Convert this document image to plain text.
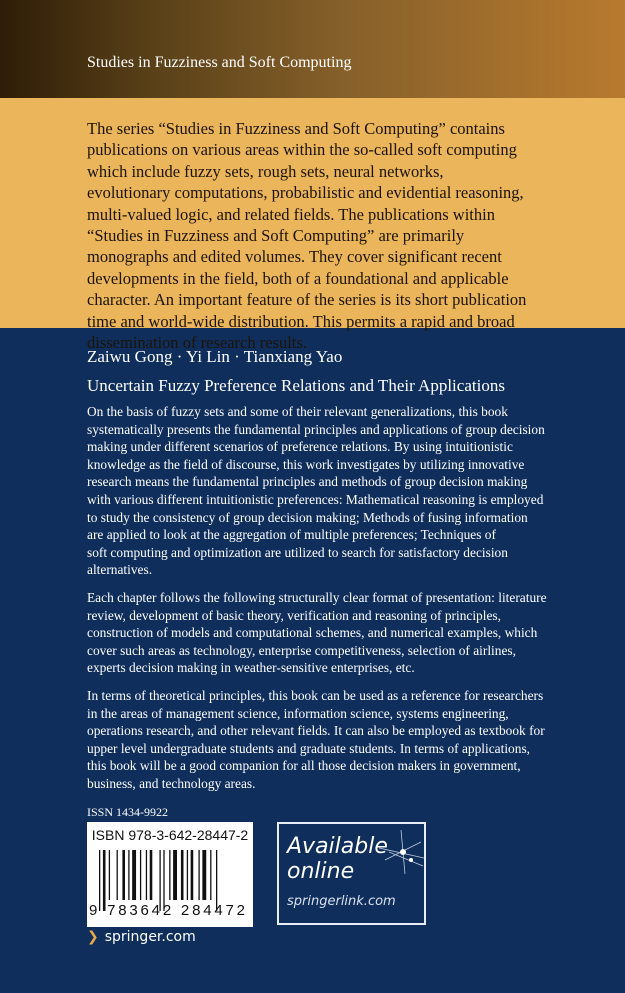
Studies in Fuzziness and Soft Computing
The series “Studies in Fuzziness and Soft Computing” contains
publications on various areas within the so-called soft computing
which include fuzzy sets, rough sets, neural networks,
evolutionary computations, probabilistic and evidential reasoning,
multi-valued logic, and related fields. The publications within
“Studies in Fuzziness and Soft Computing” are primarily
monographs and edited volumes. They cover significant recent
developments in the field, both of a foundational and applicable
character. An important feature of the series is its short publication
time and world-wide distribution. This permits a rapid and broad
dissemination of research results.
Zaiwu Gong · Yi Lin · Tianxiang Yao
Uncertain Fuzzy Preference Relations and Their Applications
On the basis of fuzzy sets and some of their relevant generalizations, this book
systematically presents the fundamental principles and applications of group decision
making under different scenarios of preference relations. By using intuitionistic
knowledge as the field of discourse, this work investigates by utilizing innovative
research means the fundamental principles and methods of group decision making
with various different intuitionistic preferences: Mathematical reasoning is employed
to study the consistency of group decision making; Methods of fusing information
are applied to look at the aggregation of multiple preferences; Techniques of
soft computing and optimization are utilized to search for satisfactory decision
alternatives.
Each chapter follows the following structurally clear format of presentation: literature
review, development of basic theory, verification and reasoning of principles,
construction of models and computational schemes, and numerical examples, which
cover such areas as technology, enterprise competitiveness, selection of airlines,
experts decision making in weather-sensitive enterprises, etc.
In terms of theoretical principles, this book can be used as a reference for researchers
in the areas of management science, information science, systems engineering,
operations research, and other relevant fields. It can also be employed as textbook for
upper level undergraduate students and graduate students. In terms of applications,
this book will be a good companion for all those decision makers in government,
business, and technology areas.
ISSN 1434-9922
ISBN 978-3-642-28447-2
9 783642 284472
Available
online
springerlink.com
❯ springer.com
